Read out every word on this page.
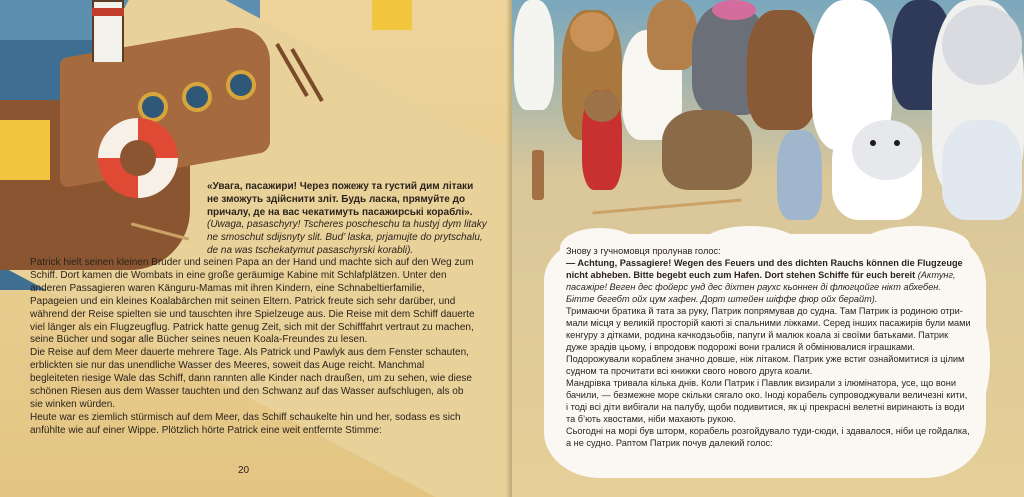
«Увага, пасажири! Через пожежу та густий дим літаки не зможуть здійснити зліт. Будь ласка, прямуйте до причалу, де на вас чекатимуть пасажирські кораблі». (Uwaga, pasaschyry! Tscheres poscheschu ta hustyj dym litaky ne smoschut sdijsnyty slit. Bud’ laska, prjamujte do prytschalu, de na was tschekatymut pasaschyrski korabli).

Patrick hielt seinen kleinen Bruder und seinen Papa an der Hand und machte sich auf den Weg zum Schiff. Dort kamen die Wombats in eine große geräumige Kabine mit Schlafplätzen. Unter den anderen Passagieren waren Känguru-Mamas mit ihren Kindern, eine Schnabeltierfamilie, Papageien und ein kleines Koalabärchen mit seinen Eltern. Patrick freute sich sehr darüber, und während der Reise spielten sie und tauschten ihre Spielzeuge aus. Die Reise mit dem Schiff dauerte viel länger als ein Flugzeugflug. Patrick hatte genug Zeit, sich mit der Schifffahrt vertraut zu machen, seine Bücher und sogar alle Bücher seines neuen Koala-Freundes zu lesen.

Die Reise auf dem Meer dauerte mehrere Tage. Als Patrick und Pawlyk aus dem Fenster schauten, erblickten sie nur das unendliche Wasser des Meeres, soweit das Auge reicht. Manchmal begleiteten riesige Wale das Schiff, dann rannten alle Kinder nach draußen, um zu sehen, wie diese schönen Riesen aus dem Wasser tauchten und den Schwanz auf das Wasser aufschlugen, als ob sie winken würden.

Heute war es ziemlich stürmisch auf dem Meer, das Schiff schaukelte hin und her, sodass es sich anfühlte wie auf einer Wippe. Plötzlich hörte Patrick eine weit entfernte Stimme:

20

Знову з гучномовця пролунав голос:

— Achtung, Passagiere! Wegen des Feuers und des dichten Rauchs können die Flugzeuge nicht abheben. Bitte begebt euch zum Hafen. Dort stehen Schiffe für euch bereit (Актунг, пасажіре! Веген дес фойерс унд дес діхтен раухс кьоннен ді флюгцойге нікт абхебен. Бітте бегебт ойх цум хафен. Дорт штейен шіффе фюр ойх берайт).

Тримаючи братика й тата за руку, Патрик попрямував до судна. Там Патрик із родиною отримали місця у великій просторій каюті зі спальними ліжками. Серед інших пасажирів були мами кенгуру з дітками, родина качкодзьобів, папуги й малюк коала зі своїми батьками. Патрик дуже зрадів цьому, і впродовж подорожі вони гралися й обмінювалися іграшками.

Подорожували кораблем значно довше, ніж літаком. Патрик уже встиг ознайомитися із цілим судном та прочитати всі книжки свого нового друга коали.

Мандрівка тривала кілька днів. Коли Патрик і Павлик визирали з ілюмінатора, усе, що вони бачили, — безмежне море скільки сягало око. Іноді корабель супроводжували величезні кити, і тоді всі діти вибігали на палубу, щоби подивитися, як ці прекрасні велетні виринають із води та б’ють хвостами, ніби махають рукою.

Сьогодні на морі був шторм, корабель розгойдувало туди-сюди, і здавалося, ніби це гойдалка, а не судно. Раптом Патрик почув далекий голос:
